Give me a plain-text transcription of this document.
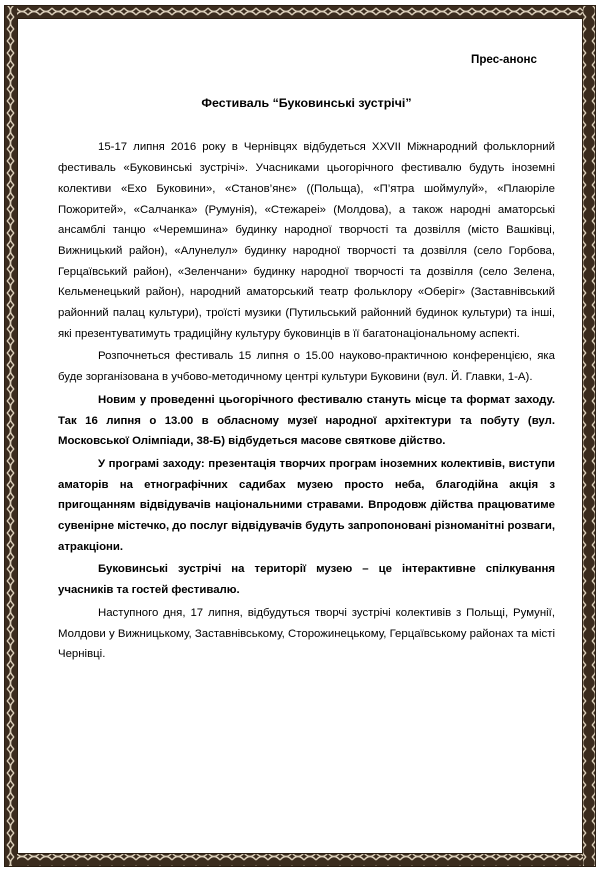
Прес-анонс
Фестиваль “Буковинські зустрічі”

15-17 липня 2016 року в Чернівцях відбудеться XXVII Міжнародний фольклорний фестиваль «Буковинські зустрічі». Учасниками цьогорічного фестивалю будуть іноземні колективи «Ехо Буковини», «Станов’янє» ((Польща), «П’ятра шоймулуй», «Плаюріле Пожоритей», «Салчанка» (Румунія), «Стежареі» (Молдова), а також народні аматорські ансамблі танцю «Черемшина» будинку народної творчості та дозвілля (місто Вашківці, Вижницький район), «Алунелул» будинку народної творчості та дозвілля (село Горбова, Герцаївський район), «Зеленчани» будинку народної творчості та дозвілля (село Зелена, Кельменецький район), народний аматорський театр фольклору «Оберіг» (Заставнівський районний палац культури), троїсті музики (Путильський районний будинок культури) та інші, які презентуватимуть традиційну культуру буковинців в її багатонаціональному аспекті.

Розпочнеться фестиваль 15 липня о 15.00 науково-практичною конференцією, яка буде зорганізована в учбово-методичному центрі культури Буковини (вул. Й. Главки, 1-А).

Новим у проведенні цьогорічного фестивалю стануть місце та формат заходу. Так 16 липня о 13.00 в обласному музеї народної архітектури та побуту (вул. Московської Олімпіади, 38-Б) відбудеться масове святкове дійство.

У програмі заходу: презентація творчих програм іноземних колективів, виступи аматорів на етнографічних садибах музею просто неба, благодійна акція з пригощанням відвідувачів національними стравами. Впродовж дійства працюватиме сувенірне містечко, до послуг відвідувачів будуть запропоновані різноманітні розваги, атракціони.

Буковинські зустрічі на території музею – це інтерактивне спілкування учасників та гостей фестивалю.

Наступного дня, 17 липня, відбудуться творчі зустрічі колективів з Польщі, Румунії, Молдови у Вижницькому, Заставнівському, Сторожинецькому, Герцаївському районах та місті Чернівці.
